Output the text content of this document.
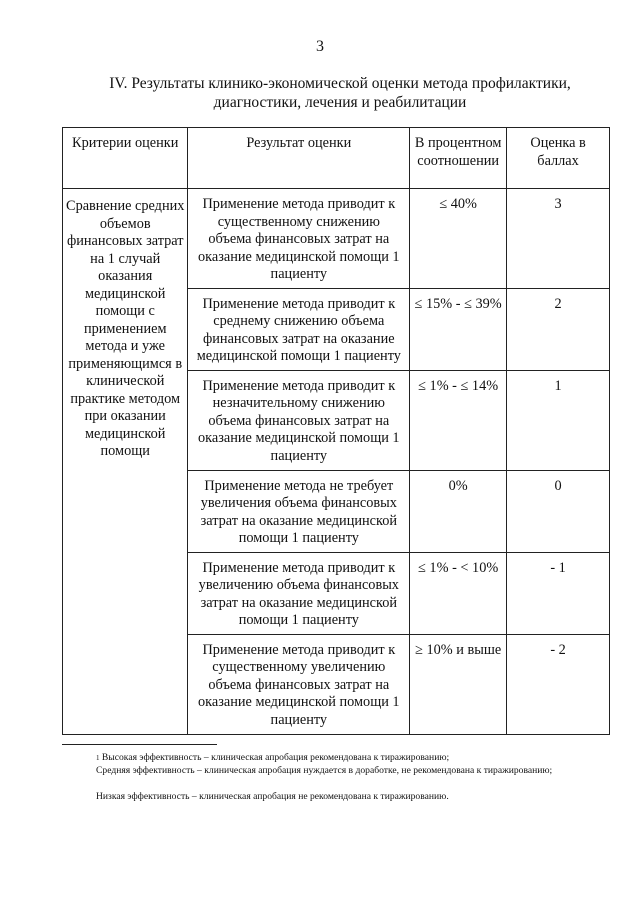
3
IV. Результаты клинико-экономической оценки метода профилактики, диагностики, лечения и реабилитации
Критерии оценки	Результат оценки	В процентном соотношении	Оценка в баллах
Сравнение средних объемов финансовых затрат на 1 случай оказания медицинской помощи с применением метода и уже применяющимся в клинической практике методом при оказании медицинской помощи	Применение метода приводит к существенному снижению объема финансовых затрат на оказание медицинской помощи 1 пациенту	≤ 40%	3
	Применение метода приводит к среднему снижению объема финансовых затрат на оказание медицинской помощи 1 пациенту	≤ 15% - ≤ 39%	2
	Применение метода приводит к незначительному снижению объема финансовых затрат на оказание медицинской помощи 1 пациенту	≤ 1% - ≤ 14%	1
	Применение метода не требует увеличения объема финансовых затрат на оказание медицинской помощи 1 пациенту	0%	0
	Применение метода приводит к увеличению объема финансовых затрат на оказание медицинской помощи 1 пациенту	≤ 1% - < 10%	- 1
	Применение метода приводит к существенному увеличению объема финансовых затрат на оказание медицинской помощи 1 пациенту	≥ 10% и выше	- 2
$^1$ Высокая эффективность – клиническая апробация рекомендована к тиражированию;
Средняя эффективность – клиническая апробация нуждается в доработке, не рекомендована к тиражированию;
Низкая эффективность – клиническая апробация не рекомендована к тиражированию.
